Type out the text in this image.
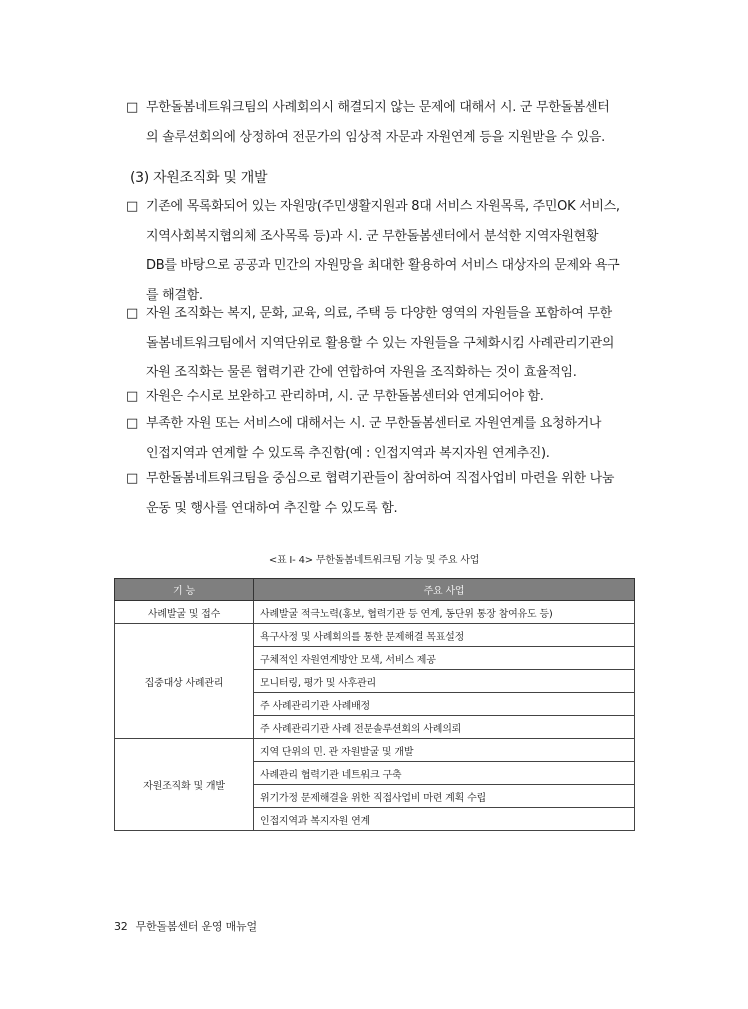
□ 무한돌봄네트워크팀의 사례회의시 해결되지 않는 문제에 대해서 시. 군 무한돌봄센터
의 솔루션회의에 상정하여 전문가의 임상적 자문과 자원연계 등을 지원받을 수 있음.
(3) 자원조직화 및 개발
□ 기존에 목록화되어 있는 자원망(주민생활지원과 8대 서비스 자원목록, 주민OK 서비스,
지역사회복지협의체 조사목록 등)과 시. 군 무한돌봄센터에서 분석한 지역자원현황
DB를 바탕으로 공공과 민간의 자원망을 최대한 활용하여 서비스 대상자의 문제와 욕구
를 해결함.
□ 자원 조직화는 복지, 문화, 교육, 의료, 주택 등 다양한 영역의 자원들을 포함하여 무한
돌봄네트워크팀에서 지역단위로 활용할 수 있는 자원들을 구체화시킴 사례관리기관의
자원 조직화는 물론 협력기관 간에 연합하여 자원을 조직화하는 것이 효율적임.
□ 자원은 수시로 보완하고 관리하며, 시. 군 무한돌봄센터와 연계되어야 함.
□ 부족한 자원 또는 서비스에 대해서는 시. 군 무한돌봄센터로 자원연계를 요청하거나
인접지역과 연계할 수 있도록 추진함(예 : 인접지역과 복지자원 연계추진).
□ 무한돌봄네트워크팀을 중심으로 협력기관들이 참여하여 직접사업비 마련을 위한 나눔
운동 및 행사를 연대하여 추진할 수 있도록 함.
<표 Ⅰ- 4> 무한돌봄네트워크팀 기능 및 주요 사업
기 능	주요 사업
사례발굴 및 접수	사례발굴 적극노력(홍보, 협력기관 등 연계, 동단위 통장 참여유도 등)
집중대상 사례관리	욕구사정 및 사례회의를 통한 문제해결 목표설정
	구체적인 자원연계방안 모색, 서비스 제공
	모니터링, 평가 및 사후관리
	주 사례관리기관 사례배정
	주 사례관리기관 사례 전문솔루션회의 사례의뢰
자원조직화 및 개발	지역 단위의 민. 관 자원발굴 및 개발
	사례관리 협력기관 네트워크 구축
	위기가정 문제해결을 위한 직접사업비 마련 계획 수립
	인접지역과 복지자원 연계
32 무한돌봄센터 운영 매뉴얼
